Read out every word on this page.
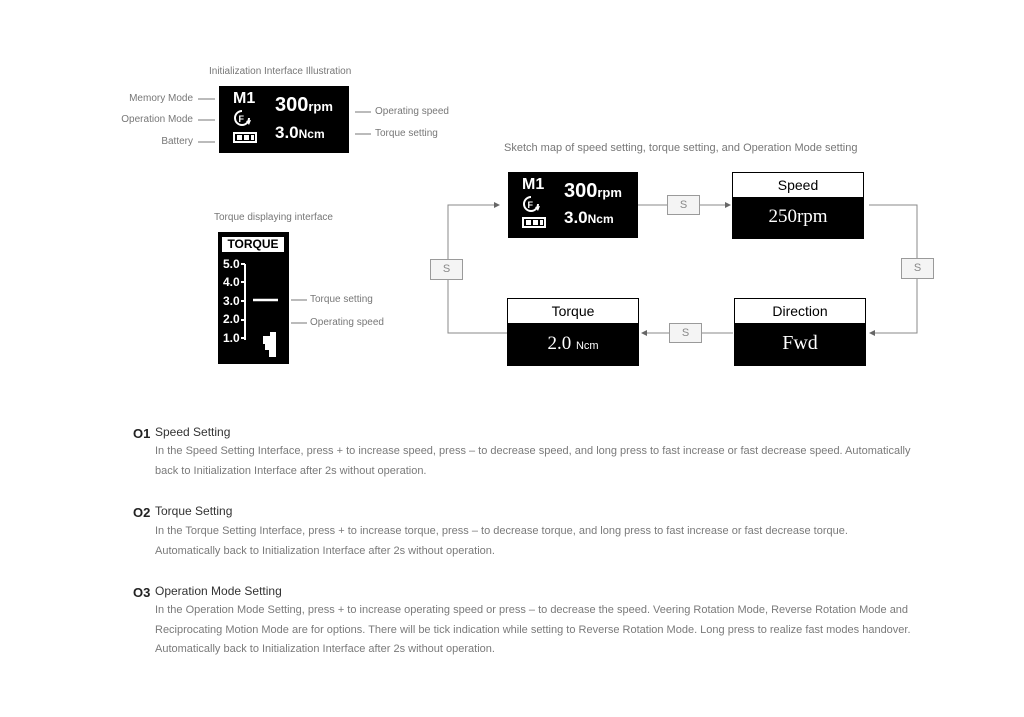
Initialization Interface Illustration
Memory Mode
Operation Mode
Battery
Operating speed
Torque setting
M1
F
300rpm
3.0Ncm
Torque displaying interface
TORQUE
5.0
4.0
3.0
2.0
1.0
Torque setting
Operating speed
Sketch map of speed setting, torque setting, and Operation Mode setting
M1
F
300rpm
3.0Ncm
Speed
250rpm
Direction
Fwd
Torque
2.0 Ncm
S
S
S
S
O1 Speed Setting
In the Speed Setting Interface, press + to increase speed, press – to decrease speed, and long press to fast increase or fast decrease speed. Automatically back to Initialization Interface after 2s without operation.
O2 Torque Setting
In the Torque Setting Interface, press + to increase torque, press – to decrease torque, and long press to fast increase or fast decrease torque. Automatically back to Initialization Interface after 2s without operation.
O3 Operation Mode Setting
In the Operation Mode Setting, press + to increase operating speed or press – to decrease the speed. Veering Rotation Mode, Reverse Rotation Mode and Reciprocating Motion Mode are for options. There will be tick indication while setting to Reverse Rotation Mode. Long press to realize fast modes handover. Automatically back to Initialization Interface after 2s without operation.
